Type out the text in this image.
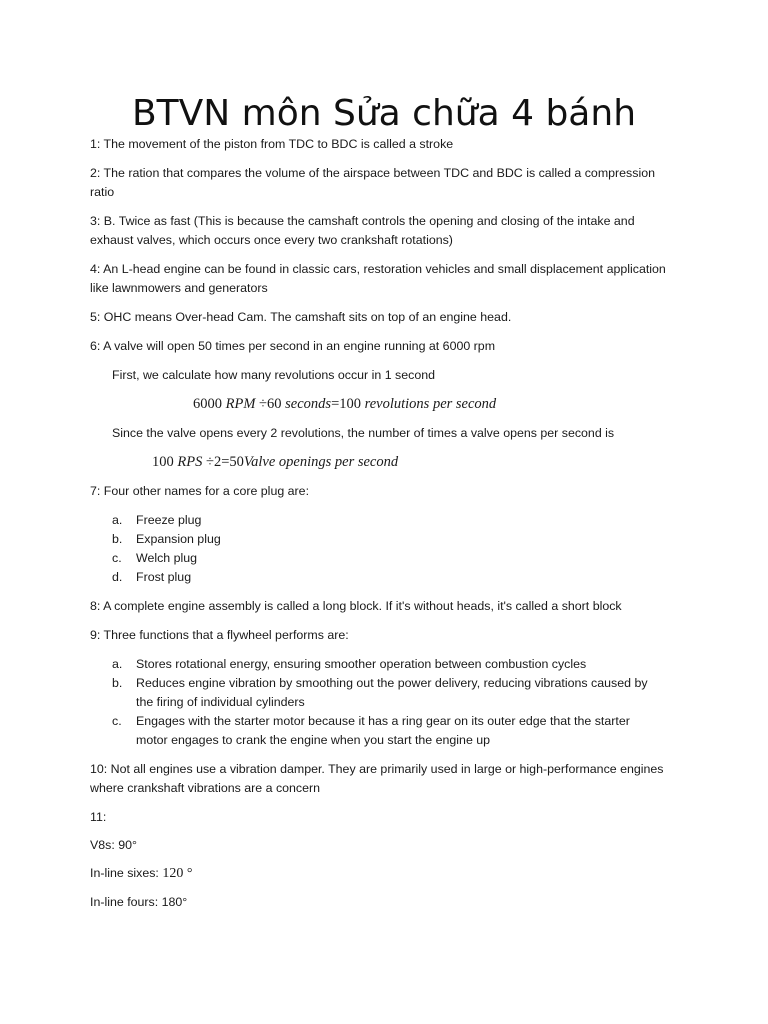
BTVN môn Sửa chữa 4 bánh
1: The movement of the piston from TDC to BDC is called a stroke
2: The ration that compares the volume of the airspace between TDC and BDC is called a compression
ratio
3: B. Twice as fast (This is because the camshaft controls the opening and closing of the intake and
exhaust valves, which occurs once every two crankshaft rotations)
4: An L-head engine can be found in classic cars, restoration vehicles and small displacement application
like lawnmowers and generators
5: OHC means Over-head Cam. The camshaft sits on top of an engine head.
6: A valve will open 50 times per second in an engine running at 6000 rpm
First, we calculate how many revolutions occur in 1 second
6000 RPM ÷60 seconds=100 revolutions per second
Since the valve opens every 2 revolutions, the number of times a valve opens per second is
100 RPS ÷2=50Valve openings per second
7: Four other names for a core plug are:
a. Freeze plug
b. Expansion plug
c. Welch plug
d. Frost plug
8: A complete engine assembly is called a long block. If it's without heads, it's called a short block
9: Three functions that a flywheel performs are:
a. Stores rotational energy, ensuring smoother operation between combustion cycles
b. Reduces engine vibration by smoothing out the power delivery, reducing vibrations caused by
the firing of individual cylinders
c. Engages with the starter motor because it has a ring gear on its outer edge that the starter
motor engages to crank the engine when you start the engine up
10: Not all engines use a vibration damper. They are primarily used in large or high-performance engines
where crankshaft vibrations are a concern
11:
V8s: 90°
In-line sixes: 120 °
In-line fours: 180°
